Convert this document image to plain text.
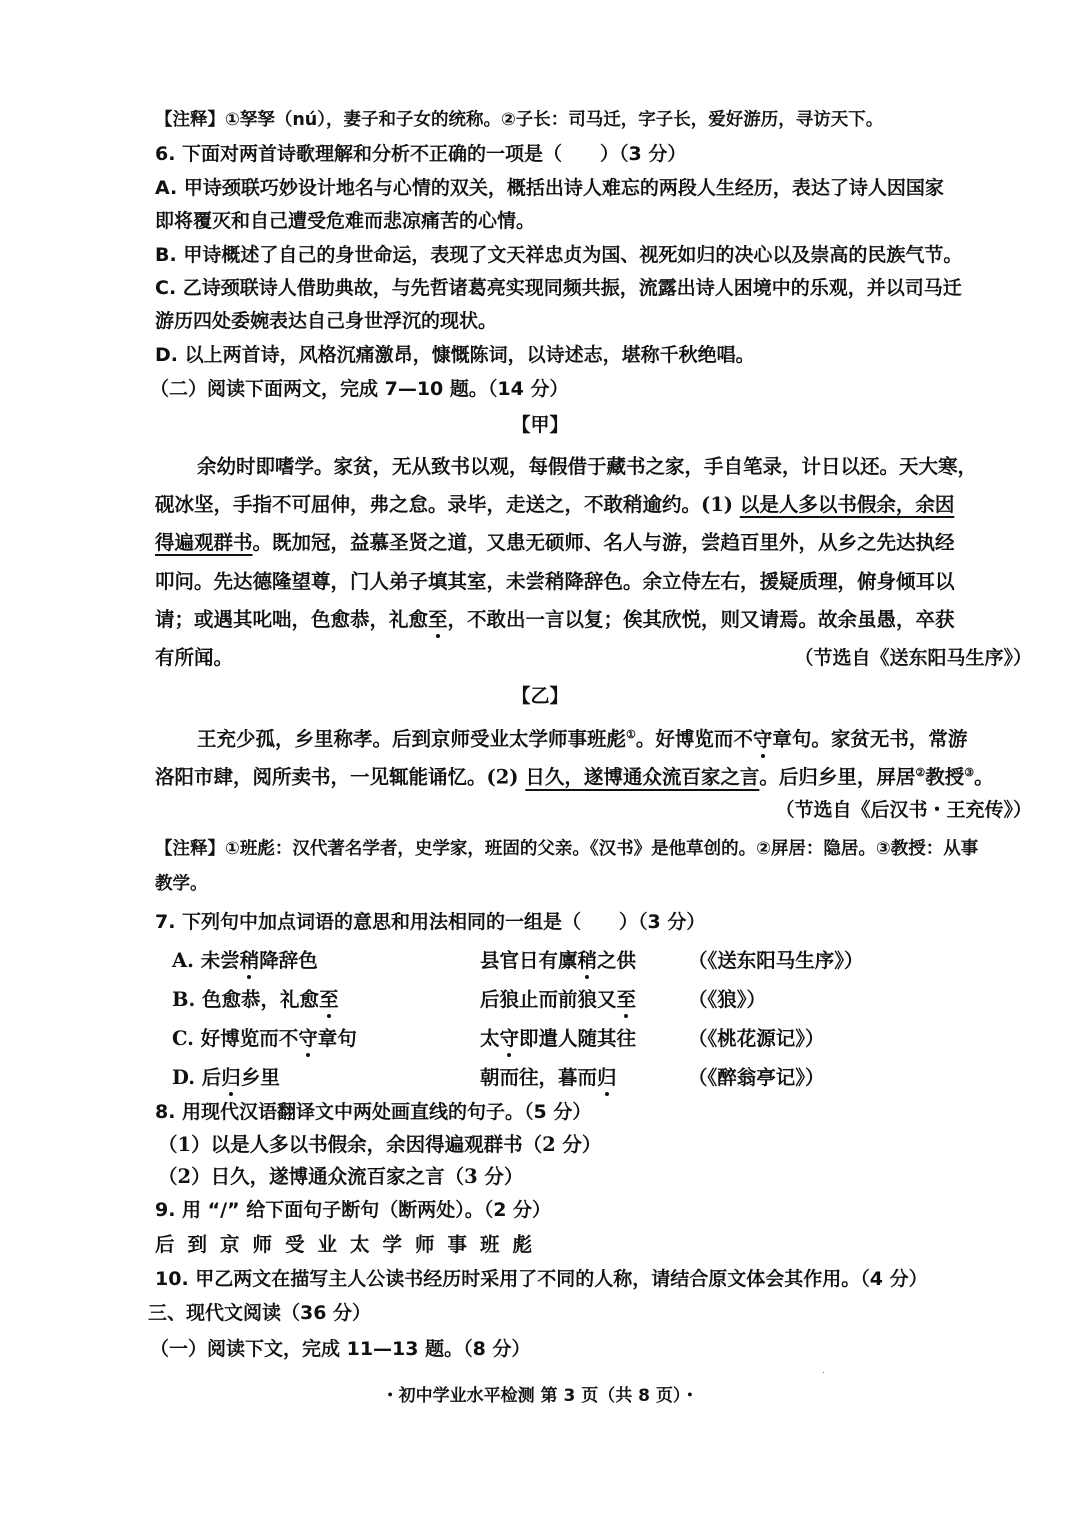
【注释】①孥孥（nú），妻子和子女的统称。②子长：司马迁，字子长，爱好游历，寻访天下。
6. 下面对两首诗歌理解和分析不正确的一项是（　　）（3 分）
A. 甲诗颈联巧妙设计地名与心情的双关，概括出诗人难忘的两段人生经历，表达了诗人因国家
即将覆灭和自己遭受危难而悲凉痛苦的心情。
B. 甲诗概述了自己的身世命运，表现了文天祥忠贞为国、视死如归的决心以及崇高的民族气节。
C. 乙诗颈联诗人借助典故，与先哲诸葛亮实现同频共振，流露出诗人困境中的乐观，并以司马迁
游历四处委婉表达自己身世浮沉的现状。
D. 以上两首诗，风格沉痛激昂，慷慨陈词，以诗述志，堪称千秋绝唱。
（二）阅读下面两文，完成 7—10 题。（14 分）
【甲】
余幼时即嗜学。家贫，无从致书以观，每假借于藏书之家，手自笔录，计日以还。天大寒，
砚冰坚，手指不可屈伸，弗之怠。录毕，走送之，不敢稍逾约。(1) 以是人多以书假余，余因
得遍观群书。既加冠，益慕圣贤之道，又患无硕师、名人与游，尝趋百里外，从乡之先达执经
叩问。先达德隆望尊，门人弟子填其室，未尝稍降辞色。余立侍左右，援疑质理，俯身倾耳以
请；或遇其叱咄，色愈恭，礼愈至，不敢出一言以复；俟其欣悦，则又请焉。故余虽愚，卒获
有所闻。	（节选自《送东阳马生序》）
【乙】
王充少孤，乡里称孝。后到京师受业太学师事班彪①。好博览而不守章句。家贫无书，常游
洛阳市肆，阅所卖书，一见辄能诵忆。(2) 日久，遂博通众流百家之言。后归乡里，屏居②教授③。
（节选自《后汉书・王充传》）
【注释】①班彪：汉代著名学者，史学家，班固的父亲。《汉书》是他草创的。②屏居：隐居。③教授：从事
教学。
7. 下列句中加点词语的意思和用法相同的一组是（　　）（3 分）
A. 未尝稍降辞色	县官日有廪稍之供	（《送东阳马生序》）
B. 色愈恭，礼愈至	后狼止而前狼又至	（《狼》）
C. 好博览而不守章句	太守即遣人随其往	（《桃花源记》）
D. 后归乡里	朝而往，暮而归	（《醉翁亭记》）
8. 用现代汉语翻译文中两处画直线的句子。（5 分）
（1）以是人多以书假余，余因得遍观群书（2 分）
（2）日久，遂博通众流百家之言（3 分）
9. 用 “/” 给下面句子断句（断两处）。（2 分）
后到京师受业太学师事班彪
10. 甲乙两文在描写主人公读书经历时采用了不同的人称，请结合原文体会其作用。（4 分）
三、现代文阅读（36 分）
（一）阅读下文，完成 11—13 题。（8 分）
·
・初中学业水平检测 第 3 页（共 8 页）・
